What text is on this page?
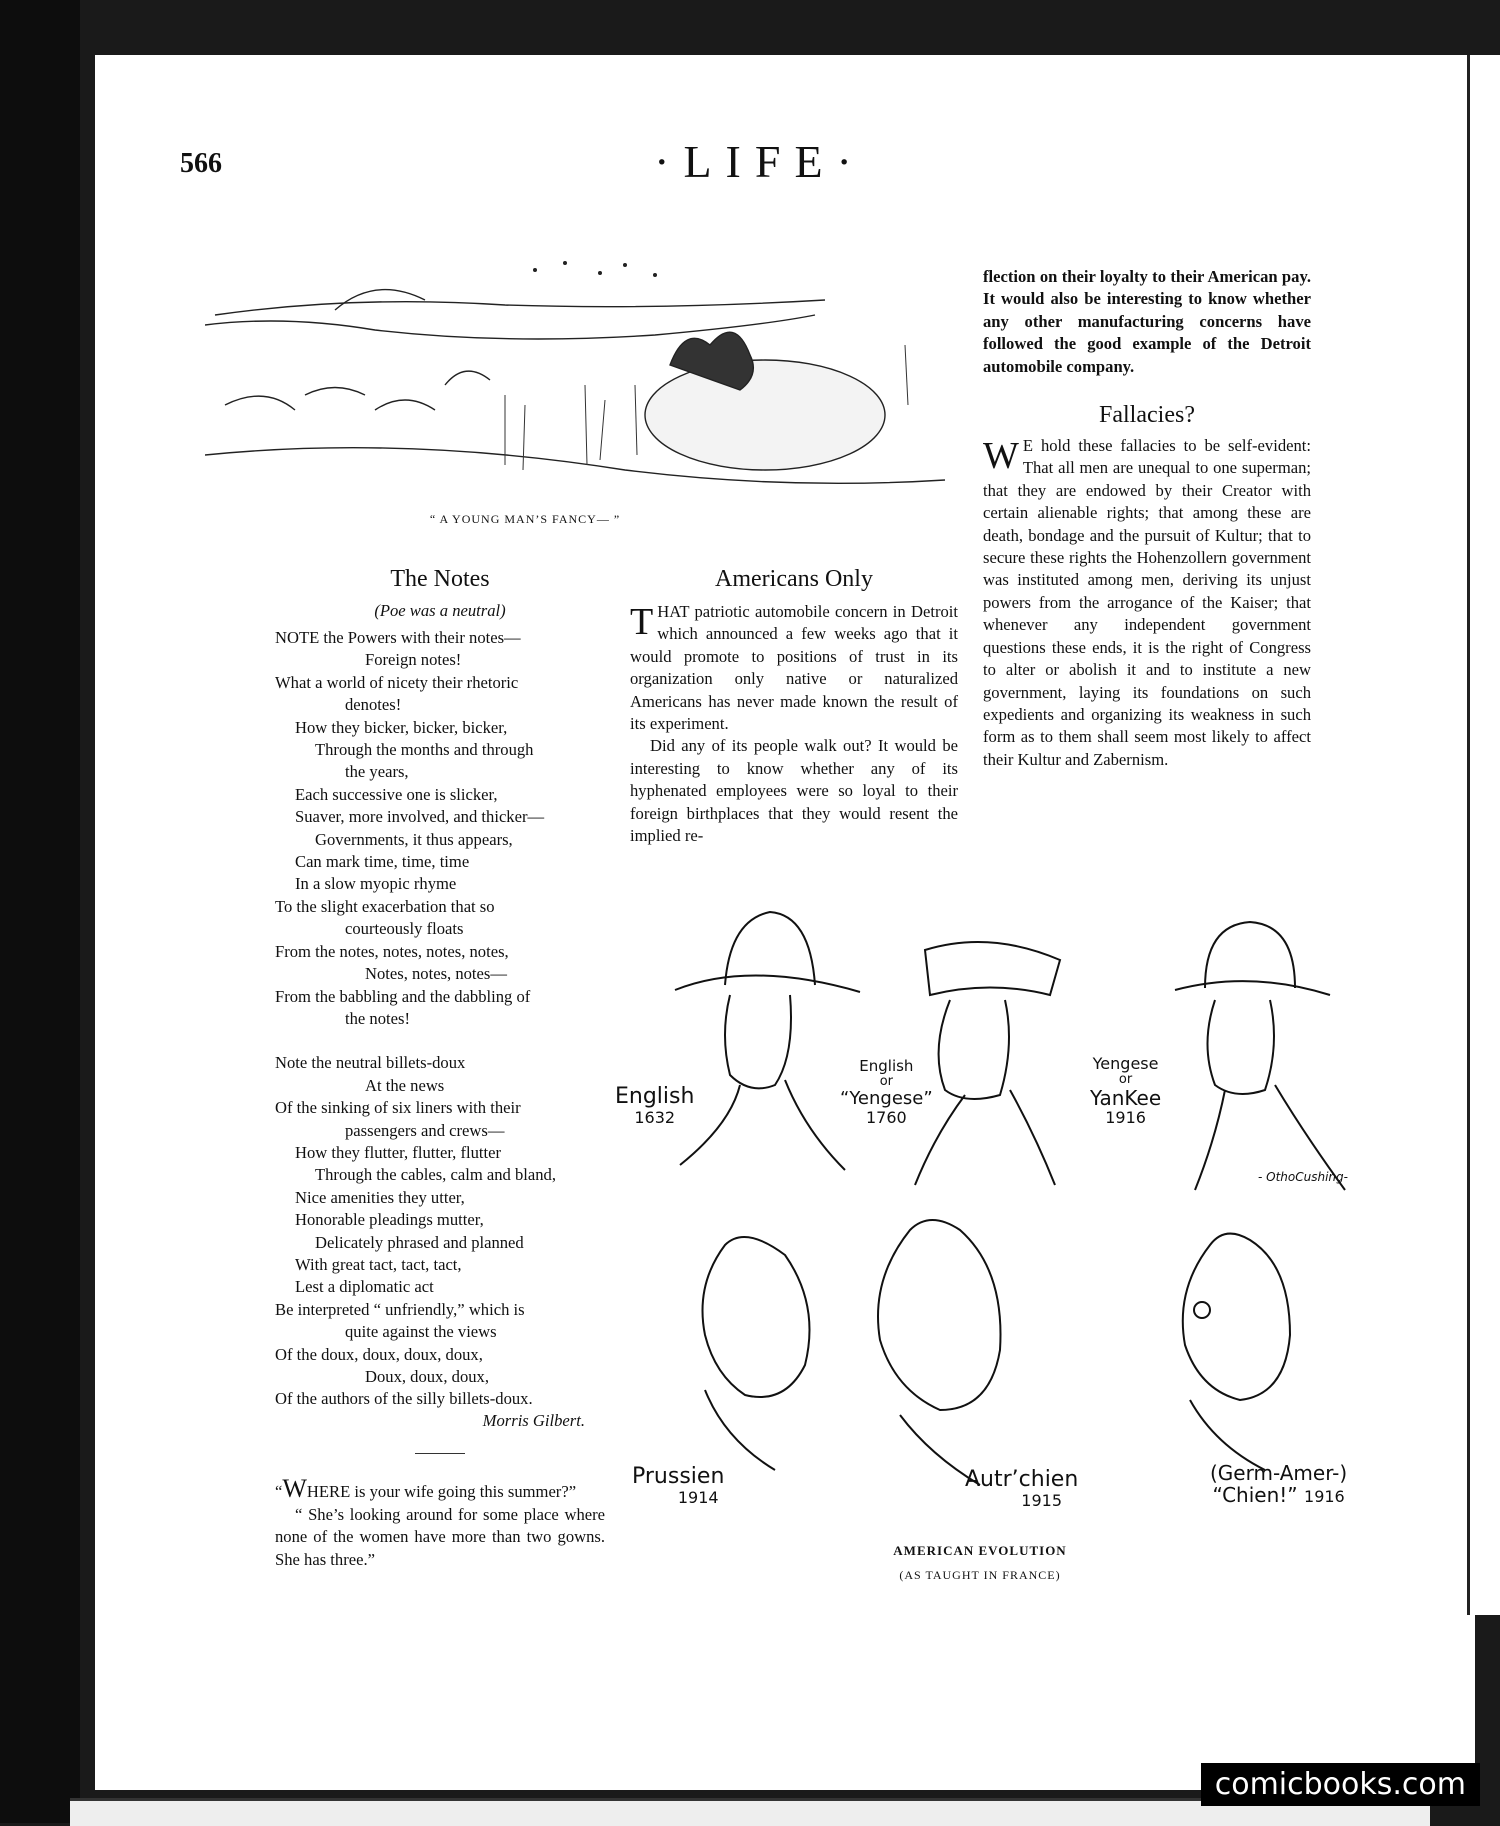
566	·LIFE·
“ A YOUNG MAN’S FANCY— ”
The Notes
(Poe was a neutral)
NOTE the Powers with their notes—
Foreign notes!
What a world of nicety their rhetoric
denotes!
How they bicker, bicker, bicker,
Through the months and through
the years,
Each successive one is slicker,
Suaver, more involved, and thicker—
Governments, it thus appears,
Can mark time, time, time
In a slow myopic rhyme
To the slight exacerbation that so
courteously floats
From the notes, notes, notes, notes,
Notes, notes, notes—
From the babbling and the dabbling of
the notes!
Note the neutral billets-doux
At the news
Of the sinking of six liners with their
passengers and crews—
How they flutter, flutter, flutter
Through the cables, calm and bland,
Nice amenities they utter,
Honorable pleadings mutter,
Delicately phrased and planned
With great tact, tact, tact,
Lest a diplomatic act
Be interpreted “ unfriendly,” which is
quite against the views
Of the doux, doux, doux, doux,
Doux, doux, doux,
Of the authors of the silly billets-doux.
Morris Gilbert.

“WHERE is your wife going this summer?”

“ She’s looking around for some place where none of the women have more than two gowns. She has three.”

Americans Only

THAT patriotic automobile concern in Detroit which announced a few weeks ago that it would promote to positions of trust in its organization only native or naturalized Americans has never made known the result of its experiment.

Did any of its people walk out? It would be interesting to know whether any of its hyphenated employees were so loyal to their foreign birthplaces that they would resent the implied re-

flection on their loyalty to their American pay. It would also be interesting to know whether any other manufacturing concerns have followed the good example of the Detroit automobile company.
Fallacies?

W E hold these fallacies to be self-evident: That all men are unequal to one superman; that they are endowed by their Creator with certain alienable rights; that among these are death, bondage and the pursuit of Kultur; that to secure these rights the Hohenzollern government was instituted among men, deriving its unjust powers from the arrogance of the Kaiser; that whenever any independent government questions these ends, it is the right of Congress to alter or abolish it and to institute a new government, laying its foundations on such expedients and organizing its weakness in such form as to them shall seem most likely to affect their Kultur and Zabernism.

English
1632
English
or
“Yengese”
1760
Yengese
or
YanKee
1916
- OthoCushing-
Prussien
1914
Autr’chien
1915
(Germ-Amer-)
“Chien!” 1916
AMERICAN EVOLUTION
(AS TAUGHT IN FRANCE)
comicbooks.com
